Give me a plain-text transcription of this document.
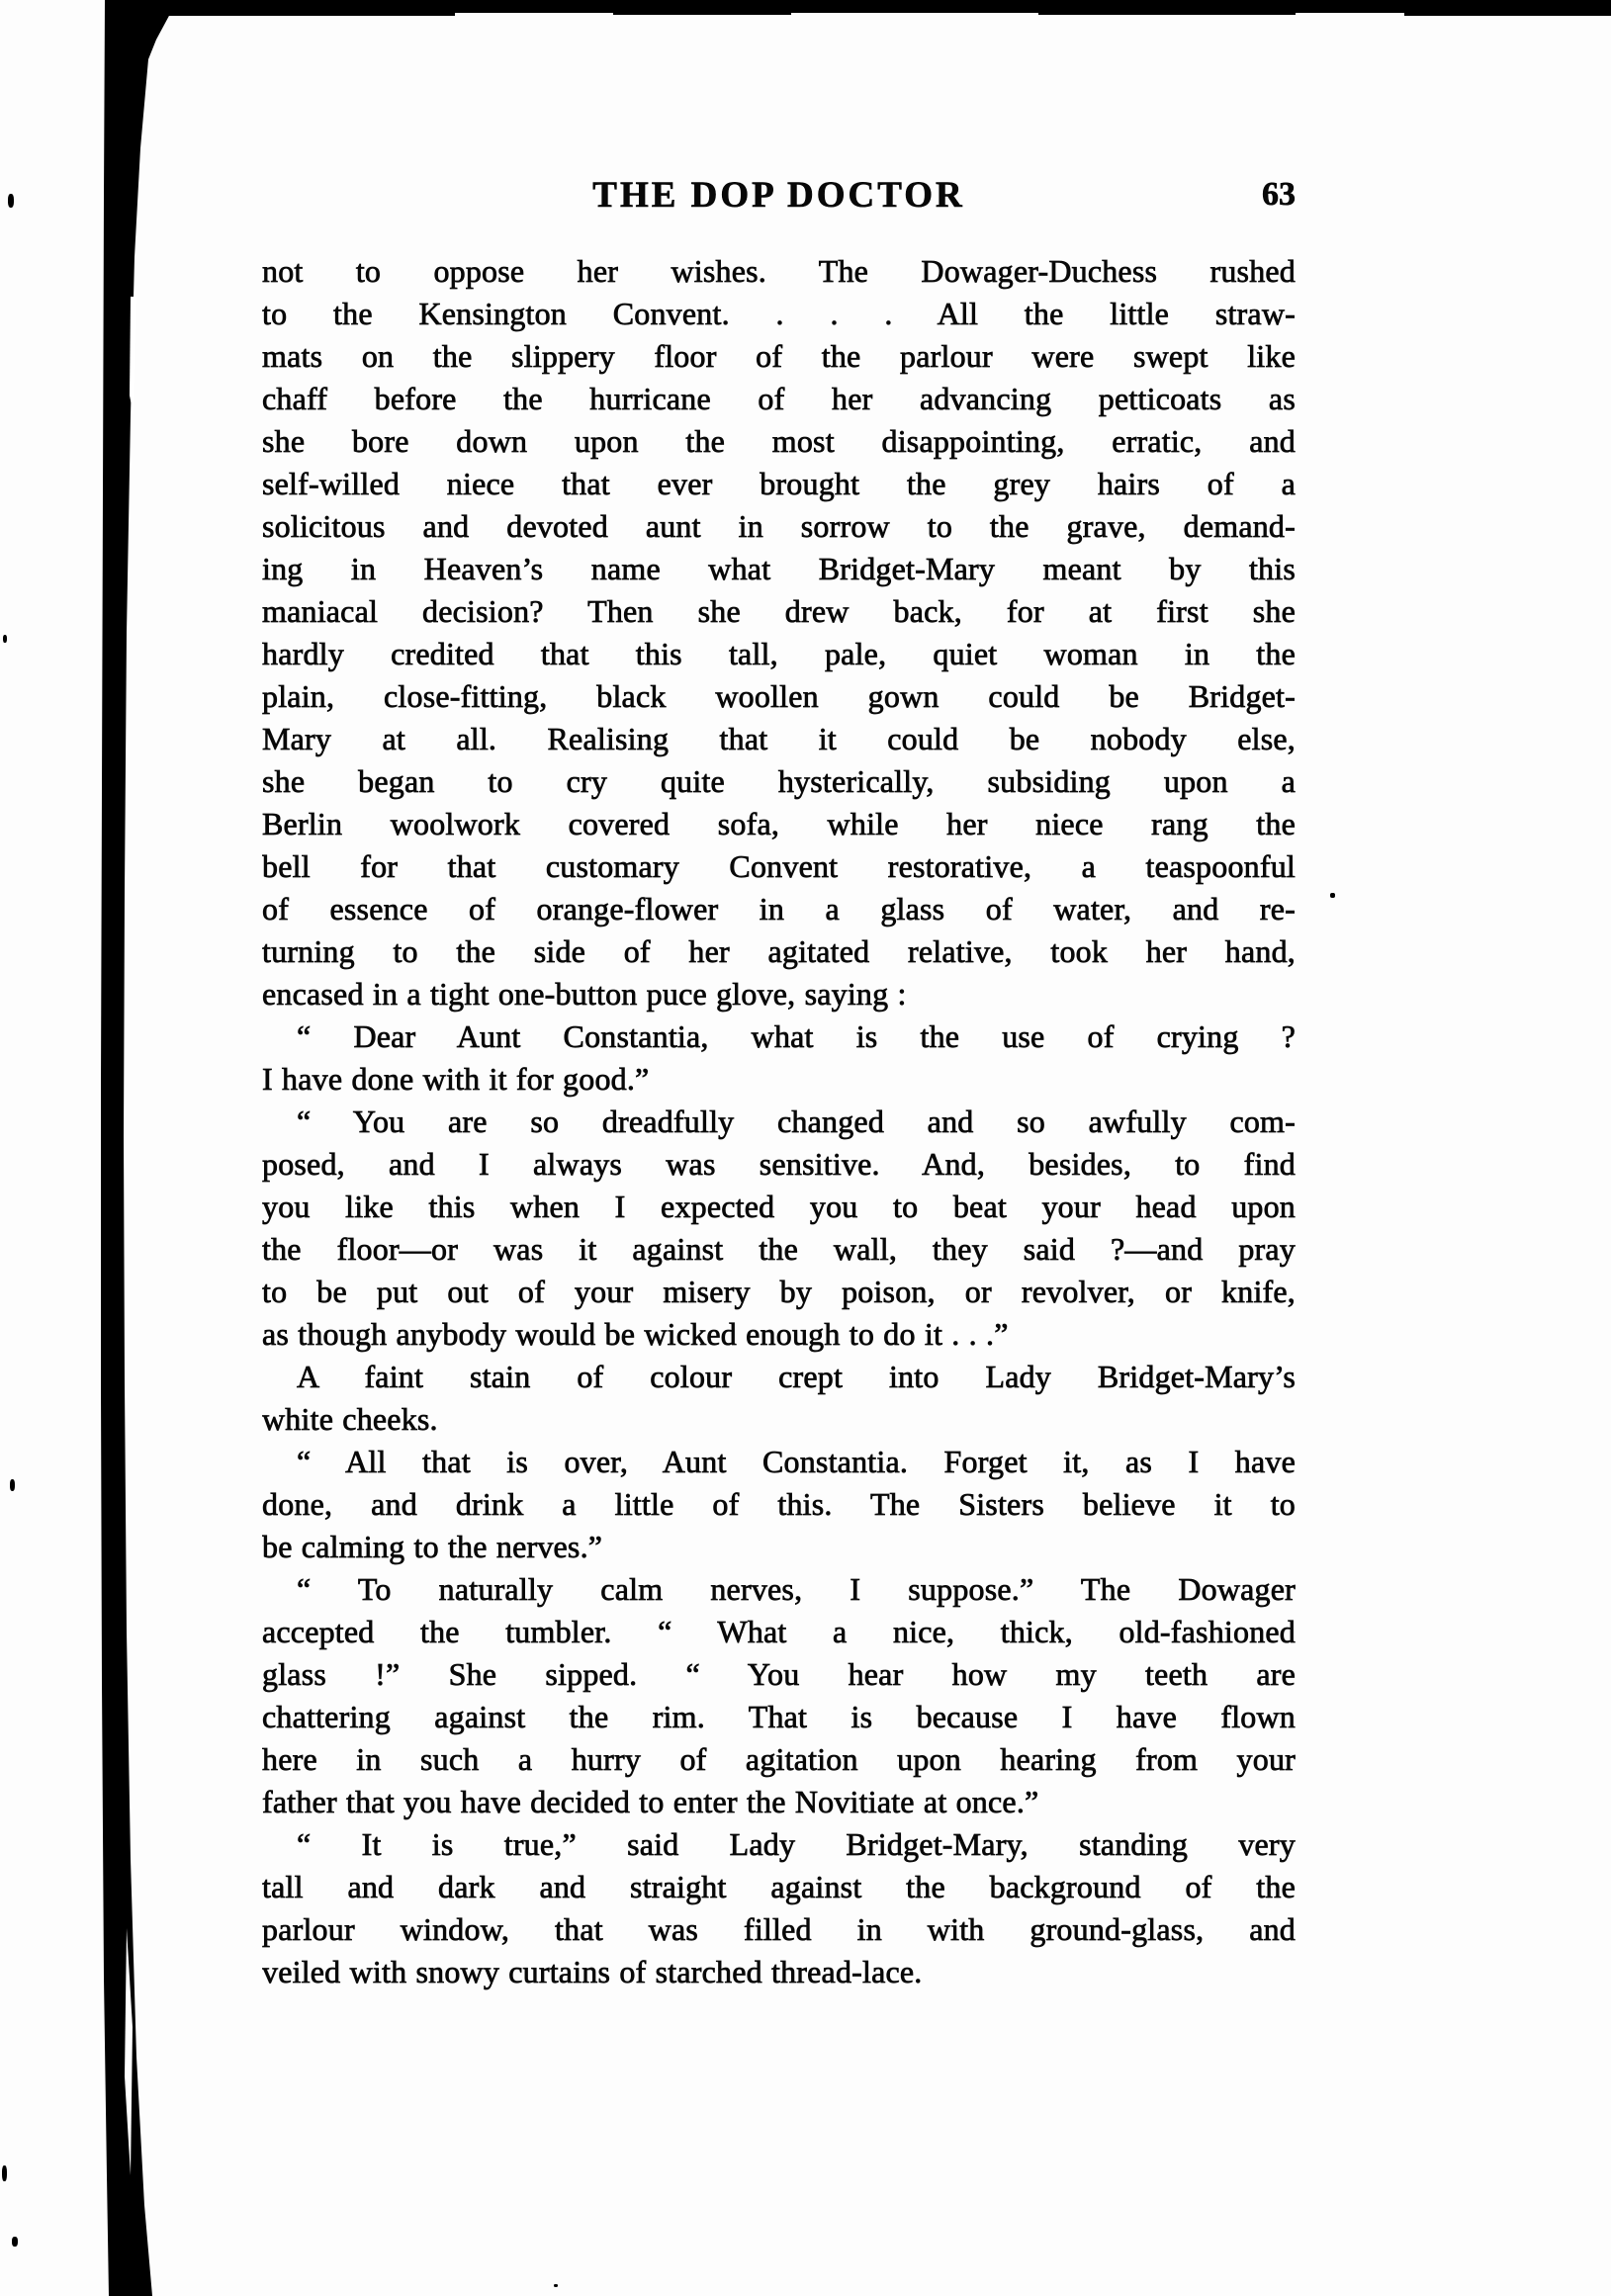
THE DOP DOCTOR	63
not to oppose her wishes. The Dowager-Duchess rushed
to the Kensington Convent. . . . All the little straw-
mats on the slippery floor of the parlour were swept like
chaff before the hurricane of her advancing petticoats as
she bore down upon the most disappointing, erratic, and
self-willed niece that ever brought the grey hairs of a
solicitous and devoted aunt in sorrow to the grave, demand-
ing in Heaven’s name what Bridget-Mary meant by this
maniacal decision? Then she drew back, for at first she
hardly credited that this tall, pale, quiet woman in the
plain, close-fitting, black woollen gown could be Bridget-
Mary at all. Realising that it could be nobody else,
she began to cry quite hysterically, subsiding upon a
Berlin woolwork covered sofa, while her niece rang the
bell for that customary Convent restorative, a teaspoonful
of essence of orange-flower in a glass of water, and re-
turning to the side of her agitated relative, took her hand,
encased in a tight one-button puce glove, saying :
“ Dear Aunt Constantia, what is the use of crying ?
I have done with it for good.”
“ You are so dreadfully changed and so awfully com-
posed, and I always was sensitive. And, besides, to find
you like this when I expected you to beat your head upon
the floor—or was it against the wall, they said ?—and pray
to be put out of your misery by poison, or revolver, or knife,
as though anybody would be wicked enough to do it . . .”
A faint stain of colour crept into Lady Bridget-Mary’s
white cheeks.
“ All that is over, Aunt Constantia. Forget it, as I have
done, and drink a little of this. The Sisters believe it to
be calming to the nerves.”
“ To naturally calm nerves, I suppose.” The Dowager
accepted the tumbler. “ What a nice, thick, old-fashioned
glass !” She sipped. “ You hear how my teeth are
chattering against the rim. That is because I have flown
here in such a hurry of agitation upon hearing from your
father that you have decided to enter the Novitiate at once.”
“ It is true,” said Lady Bridget-Mary, standing very
tall and dark and straight against the background of the
parlour window, that was filled in with ground-glass, and
veiled with snowy curtains of starched thread-lace.
